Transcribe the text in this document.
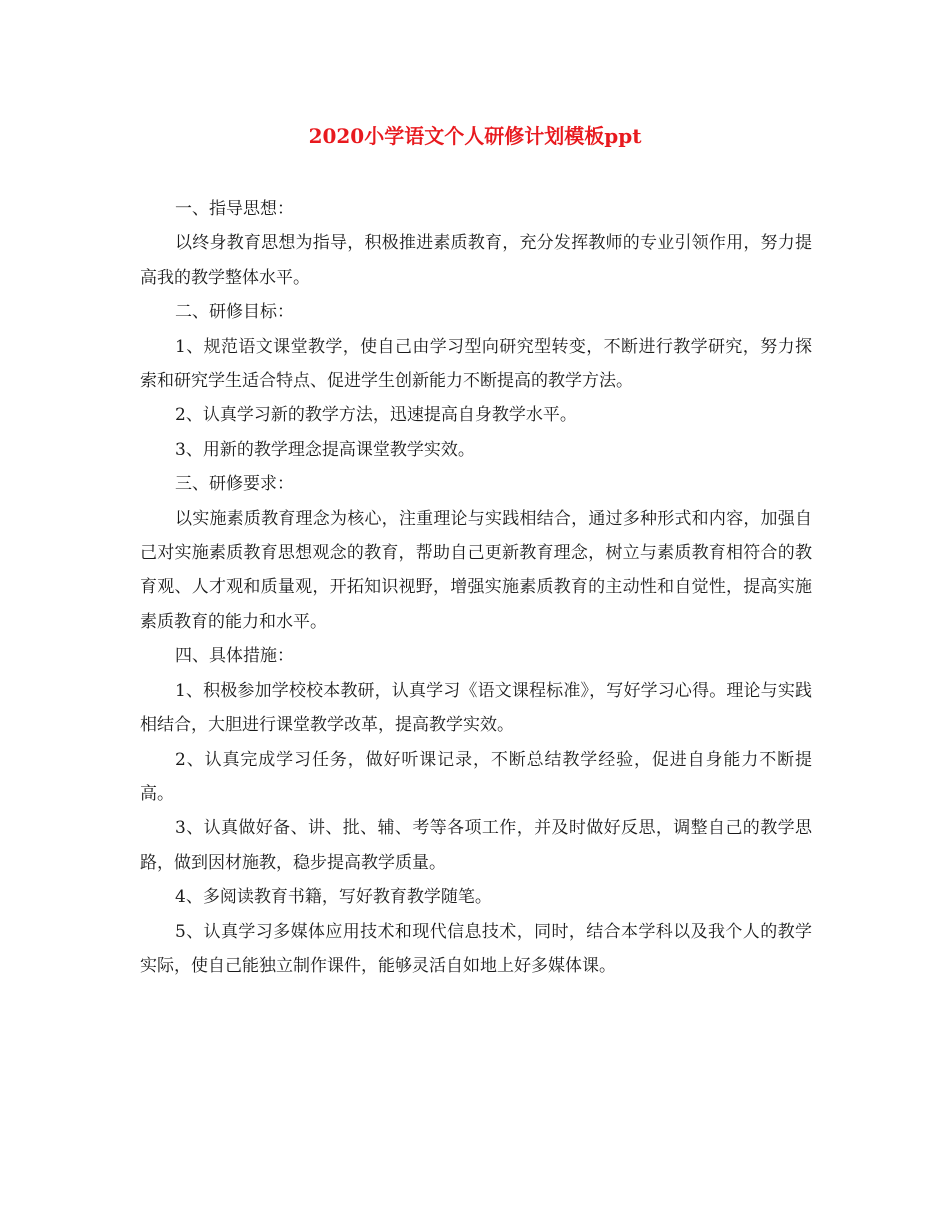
2020小学语文个人研修计划模板ppt

一、指导思想：

以终身教育思想为指导，积极推进素质教育，充分发挥教师的专业引领作用，努力提高我的教学整体水平。

二、研修目标：

1、规范语文课堂教学，使自己由学习型向研究型转变，不断进行教学研究，努力探索和研究学生适合特点、促进学生创新能力不断提高的教学方法。

2、认真学习新的教学方法，迅速提高自身教学水平。

3、用新的教学理念提高课堂教学实效。

三、研修要求：

以实施素质教育理念为核心，注重理论与实践相结合，通过多种形式和内容，加强自己对实施素质教育思想观念的教育，帮助自己更新教育理念，树立与素质教育相符合的教育观、人才观和质量观，开拓知识视野，增强实施素质教育的主动性和自觉性，提高实施素质教育的能力和水平。

四、具体措施：

1、积极参加学校校本教研，认真学习《语文课程标准》，写好学习心得。理论与实践相结合，大胆进行课堂教学改革，提高教学实效。

2、认真完成学习任务，做好听课记录，不断总结教学经验，促进自身能力不断提高。

3、认真做好备、讲、批、辅、考等各项工作，并及时做好反思，调整自己的教学思路，做到因材施教，稳步提高教学质量。

4、多阅读教育书籍，写好教育教学随笔。

5、认真学习多媒体应用技术和现代信息技术，同时，结合本学科以及我个人的教学实际，使自己能独立制作课件，能够灵活自如地上好多媒体课。
